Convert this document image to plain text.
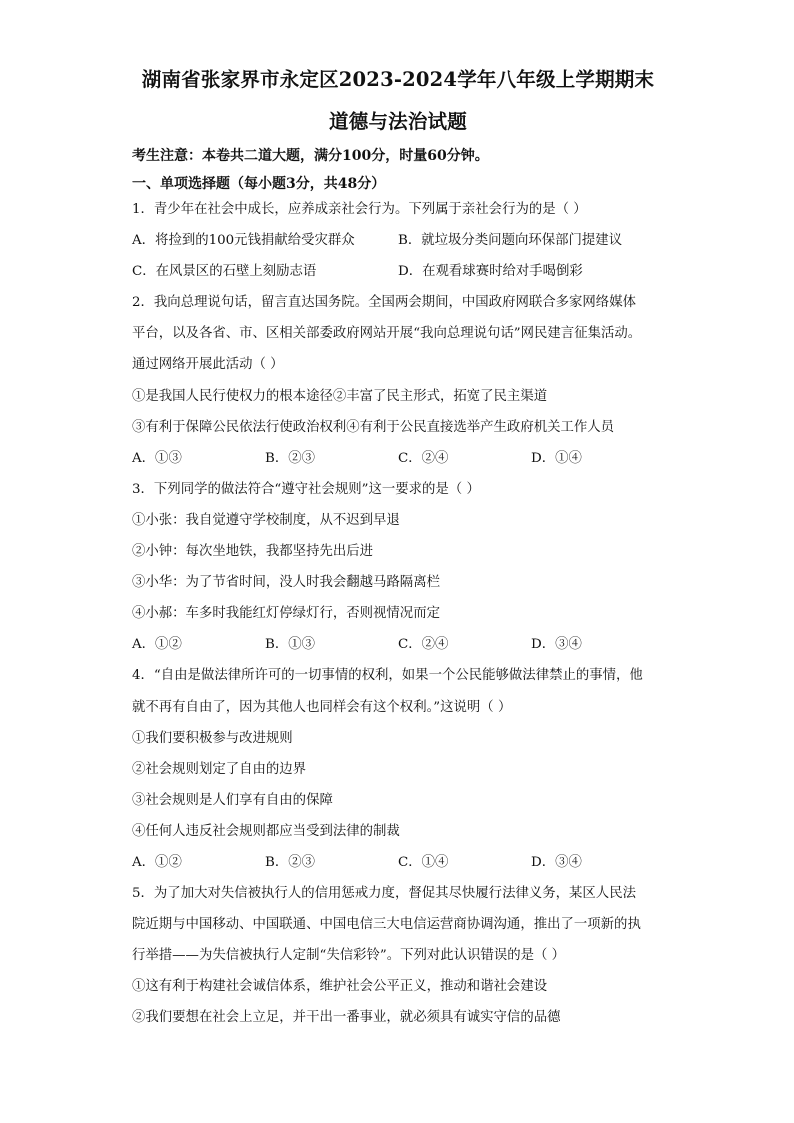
湖南省张家界市永定区2023-2024学年八年级上学期期末
道德与法治试题
考生注意：本卷共二道大题，满分100分，时量60分钟。
一、单项选择题（每小题3分，共48分）
1．青少年在社会中成长，应养成亲社会行为。下列属于亲社会行为的是（ ）
A．将捡到的100元钱捐献给受灾群众	B．就垃圾分类问题向环保部门提建议
C．在风景区的石壁上刻励志语	D．在观看球赛时给对手喝倒彩
2．我向总理说句话，留言直达国务院。全国两会期间，中国政府网联合多家网络媒体
平台，以及各省、市、区相关部委政府网站开展“我向总理说句话”网民建言征集活动。
通过网络开展此活动（ ）
①是我国人民行使权力的根本途径②丰富了民主形式，拓宽了民主渠道
③有利于保障公民依法行使政治权利④有利于公民直接选举产生政府机关工作人员
A．①③	B．②③	C．②④	D．①④
3．下列同学的做法符合“遵守社会规则”这一要求的是（ ）
①小张：我自觉遵守学校制度，从不迟到早退
②小钟：每次坐地铁，我都坚持先出后进
③小华：为了节省时间，没人时我会翻越马路隔离栏
④小郝：车多时我能红灯停绿灯行，否则视情况而定
A．①②	B．①③	C．②④	D．③④
4．“自由是做法律所许可的一切事情的权利，如果一个公民能够做法律禁止的事情，他
就不再有自由了，因为其他人也同样会有这个权利。”这说明（ ）
①我们要积极参与改进规则
②社会规则划定了自由的边界
③社会规则是人们享有自由的保障
④任何人违反社会规则都应当受到法律的制裁
A．①②	B．②③	C．①④	D．③④
5．为了加大对失信被执行人的信用惩戒力度，督促其尽快履行法律义务，某区人民法
院近期与中国移动、中国联通、中国电信三大电信运营商协调沟通，推出了一项新的执
行举措——为失信被执行人定制“失信彩铃”。下列对此认识错误的是（ ）
①这有利于构建社会诚信体系，维护社会公平正义，推动和谐社会建设
②我们要想在社会上立足，并干出一番事业，就必须具有诚实守信的品德
